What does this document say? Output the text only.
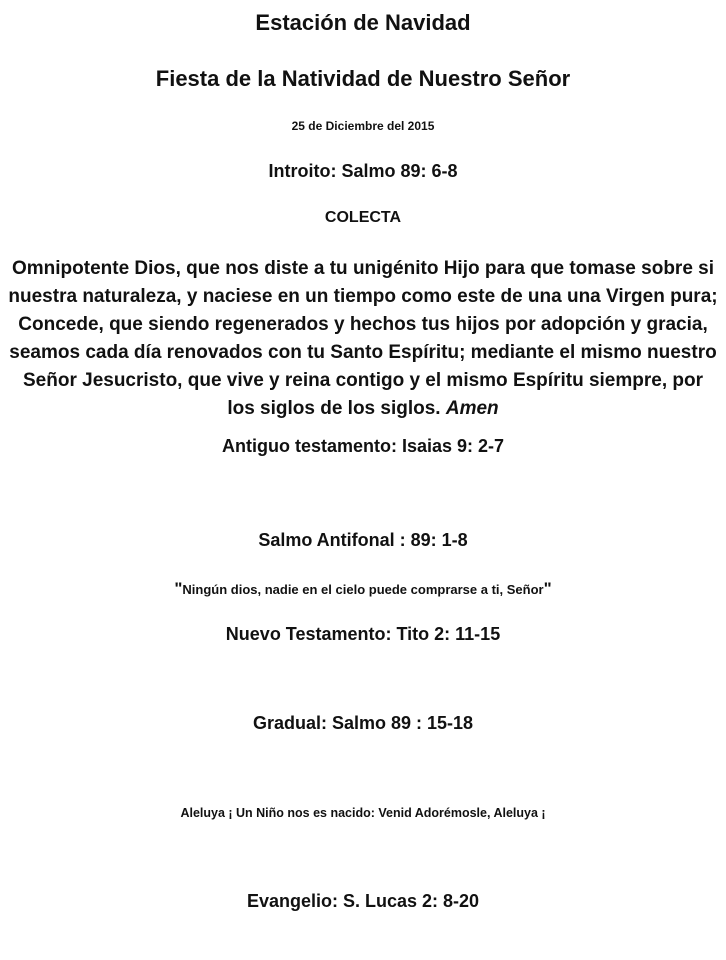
Estación de Navidad
Fiesta de la Natividad de Nuestro Señor
25 de Diciembre del 2015
Introito: Salmo 89: 6-8
COLECTA
Omnipotente Dios, que nos diste a tu unigénito Hijo para que tomase sobre si nuestra naturaleza, y naciese en un tiempo como este de una una Virgen pura; Concede, que siendo regenerados y hechos tus hijos por adopción y gracia, seamos cada día renovados con tu Santo Espíritu; mediante el mismo nuestro Señor Jesucristo, que vive y reina contigo y el mismo Espíritu siempre, por los siglos de los siglos. Amen
Antiguo testamento: Isaias 9: 2-7
Salmo Antifonal : 89: 1-8
"Ningún dios, nadie en el cielo puede comprarse a ti, Señor"
Nuevo Testamento: Tito 2: 11-15
Gradual: Salmo 89 : 15-18
Aleluya ¡ Un Niño nos es nacido: Venid Adorémosle, Aleluya ¡
Evangelio: S. Lucas 2: 8-20
